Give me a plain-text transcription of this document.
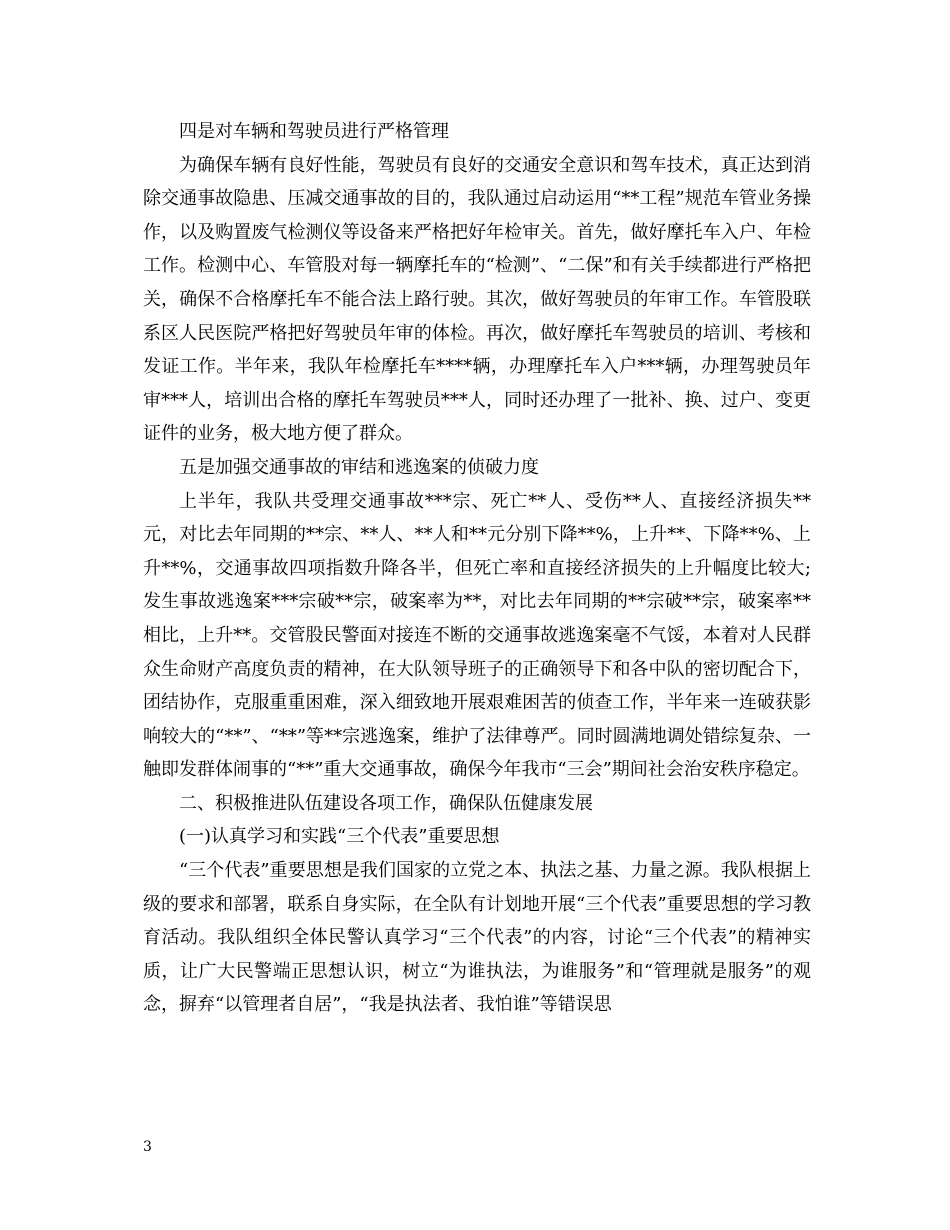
四是对车辆和驾驶员进行严格管理

为确保车辆有良好性能，驾驶员有良好的交通安全意识和驾车技术，真正达到消除交通事故隐患、压减交通事故的目的，我队通过启动运用“**工程”规范车管业务操作，以及购置废气检测仪等设备来严格把好年检审关。首先，做好摩托车入户、年检工作。检测中心、车管股对每一辆摩托车的“检测”、“二保”和有关手续都进行严格把关，确保不合格摩托车不能合法上路行驶。其次，做好驾驶员的年审工作。车管股联系区人民医院严格把好驾驶员年审的体检。再次，做好摩托车驾驶员的培训、考核和发证工作。半年来，我队年检摩托车****辆，办理摩托车入户***辆，办理驾驶员年审***人，培训出合格的摩托车驾驶员***人，同时还办理了一批补、换、过户、变更证件的业务，极大地方便了群众。

五是加强交通事故的审结和逃逸案的侦破力度

上半年，我队共受理交通事故***宗、死亡**人、受伤**人、直接经济损失**元，对比去年同期的**宗、**人、**人和**元分别下降**%，上升**、下降**%、上升**%，交通事故四项指数升降各半，但死亡率和直接经济损失的上升幅度比较大;发生事故逃逸案***宗破**宗，破案率为**，对比去年同期的**宗破**宗，破案率**相比，上升**。交管股民警面对接连不断的交通事故逃逸案毫不气馁，本着对人民群众生命财产高度负责的精神，在大队领导班子的正确领导下和各中队的密切配合下，团结协作，克服重重困难，深入细致地开展艰难困苦的侦查工作，半年来一连破获影响较大的“**”、“**”等**宗逃逸案，维护了法律尊严。同时圆满地调处错综复杂、一触即发群体闹事的“**”重大交通事故，确保今年我市“三会”期间社会治安秩序稳定。

二、积极推进队伍建设各项工作，确保队伍健康发展

(一)认真学习和实践“三个代表”重要思想

“三个代表”重要思想是我们国家的立党之本、执法之基、力量之源。我队根据上级的要求和部署，联系自身实际，在全队有计划地开展“三个代表”重要思想的学习教育活动。我队组织全体民警认真学习“三个代表”的内容，讨论“三个代表”的精神实质，让广大民警端正思想认识，树立“为谁执法，为谁服务”和“管理就是服务”的观念，摒弃“以管理者自居”，“我是执法者、我怕谁”等错误思

3
